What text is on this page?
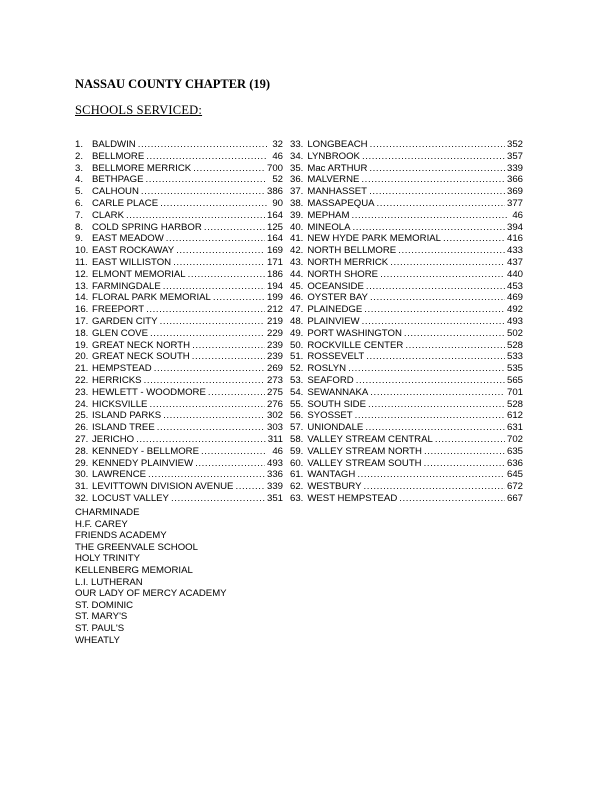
NASSAU COUNTY CHAPTER (19)
SCHOOLS SERVICED:
1. BALDWIN .....	32
2. BELLMORE .....	46
3. BELLMORE MERRICK .....	700
4. BETHPAGE .....	52
5. CALHOUN .....	386
6. CARLE PLACE .....	90
7. CLARK .....	164
8. COLD SPRING HARBOR .....	125
9. EAST MEADOW .....	164
10. EAST ROCKAWAY .....	169
11. EAST WILLISTON .....	171
12. ELMONT MEMORIAL .....	186
13. FARMINGDALE .....	194
14. FLORAL PARK MEMORIAL .....	199
16. FREEPORT .....	212
17. GARDEN CITY .....	219
18. GLEN COVE .....	229
19. GREAT NECK NORTH .....	239
20. GREAT NECK SOUTH .....	239
21. HEMPSTEAD .....	269
22. HERRICKS .....	273
23. HEWLETT - WOODMORE .....	275
24. HICKSVILLE .....	276
25. ISLAND PARKS .....	302
26. ISLAND TREE .....	303
27. JERICHO .....	311
28. KENNEDY - BELLMORE .....	46
29. KENNEDY PLAINVIEW .....	493
30. LAWRENCE .....	336
31. LEVITTOWN DIVISION AVENUE .....	339
32. LOCUST VALLEY .....	351
33. LONGBEACH .....	352
34. LYNBROOK .....	357
35. Mac ARTHUR .....	339
36. MALVERNE .....	366
37. MANHASSET .....	369
38. MASSAPEQUA .....	377
39. MEPHAM .....	46
40. MINEOLA .....	394
41. NEW HYDE PARK MEMORIAL .....	416
42. NORTH BELLMORE .....	433
43. NORTH MERRICK .....	437
44. NORTH SHORE .....	440
45. OCEANSIDE .....	453
46. OYSTER BAY .....	469
47. PLAINEDGE .....	492
48. PLAINVIEW .....	493
49. PORT WASHINGTON .....	502
50. ROCKVILLE CENTER .....	528
51. ROSSEVELT .....	533
52. ROSLYN .....	535
53. SEAFORD .....	565
54. SEWANNAKA .....	701
55. SOUTH SIDE .....	528
56. SYOSSET .....	612
57. UNIONDALE .....	631
58. VALLEY STREAM CENTRAL .....	702
59. VALLEY STREAM NORTH .....	635
60. VALLEY STREAM SOUTH .....	636
61. WANTAGH .....	645
62. WESTBURY .....	672
63. WEST HEMPSTEAD .....	667
CHARMINADE
H.F. CAREY
FRIENDS ACADEMY
THE GREENVALE SCHOOL
HOLY TRINITY
KELLENBERG MEMORIAL
L.I. LUTHERAN
OUR LADY OF MERCY ACADEMY
ST. DOMINIC
ST. MARY'S
ST. PAUL'S
WHEATLY
